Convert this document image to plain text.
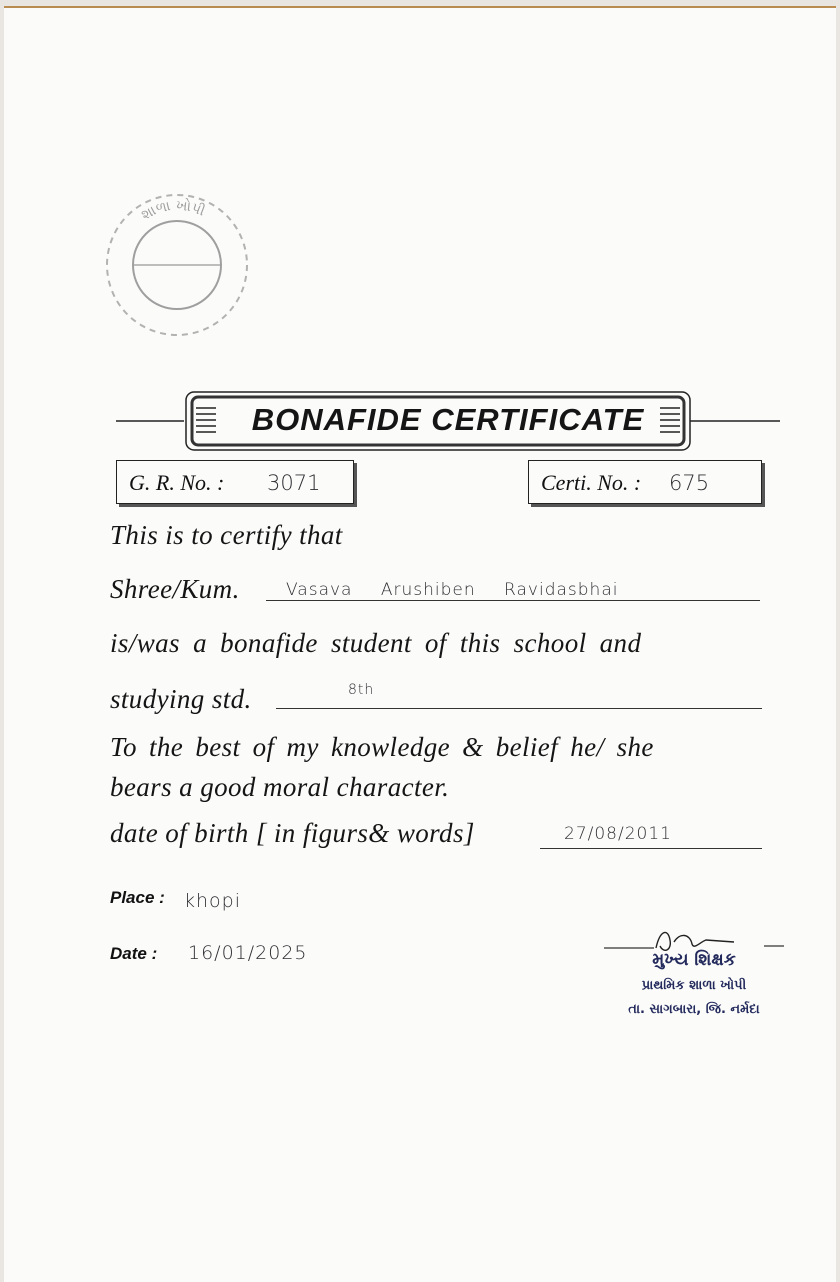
શાળા ખોપી
BONAFIDE CERTIFICATE
G. R. No. : 3071	Certi. No. : 675
This is to certify that
Shree/Kum.	Vasava Arushiben Ravidasbhai
is/was a bonafide student of this school and
studying std.	8th
To the best of my knowledge & belief he/ she
bears a good moral character.
date of birth [ in figurs& words]	27/08/2011
Place : khopi
Date : 16/01/2025	મુખ્ય શિક્ષક
પ્રાથમિક શાળા ખોપી
તા. સાગબારા, જિ. નર્મદા
